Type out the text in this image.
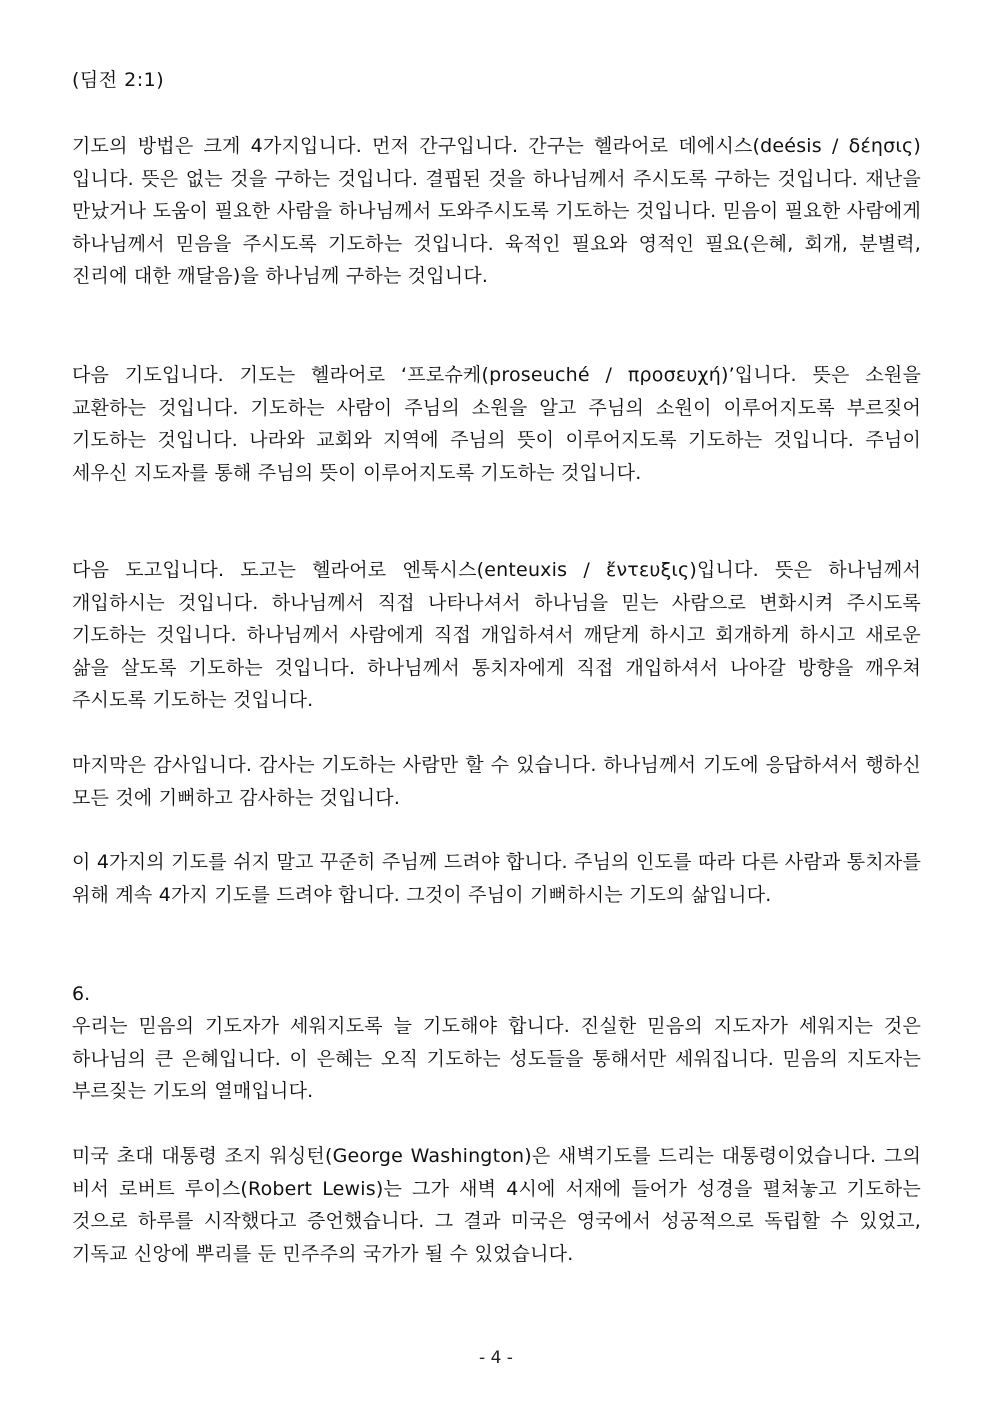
(딤전 2:1)

기도의 방법은 크게 4가지입니다. 먼저 간구입니다. 간구는 헬라어로 데에시스(deésis / δέησις)입니다. 뜻은 없는 것을 구하는 것입니다. 결핍된 것을 하나님께서 주시도록 구하는 것입니다. 재난을 만났거나 도움이 필요한 사람을 하나님께서 도와주시도록 기도하는 것입니다. 믿음이 필요한 사람에게 하나님께서 믿음을 주시도록 기도하는 것입니다. 육적인 필요와 영적인 필요(은혜, 회개, 분별력, 진리에 대한 깨달음)을 하나님께 구하는 것입니다.

다음 기도입니다. 기도는 헬라어로 ‘프로슈케(proseuché / προσευχή)’입니다. 뜻은 소원을 교환하는 것입니다. 기도하는 사람이 주님의 소원을 알고 주님의 소원이 이루어지도록 부르짖어 기도하는 것입니다. 나라와 교회와 지역에 주님의 뜻이 이루어지도록 기도하는 것입니다. 주님이 세우신 지도자를 통해 주님의 뜻이 이루어지도록 기도하는 것입니다.

다음 도고입니다. 도고는 헬라어로 엔툭시스(enteuxis / ἔντευξις)입니다. 뜻은 하나님께서 개입하시는 것입니다. 하나님께서 직접 나타나셔서 하나님을 믿는 사람으로 변화시켜 주시도록 기도하는 것입니다. 하나님께서 사람에게 직접 개입하셔서 깨닫게 하시고 회개하게 하시고 새로운 삶을 살도록 기도하는 것입니다. 하나님께서 통치자에게 직접 개입하셔서 나아갈 방향을 깨우쳐 주시도록 기도하는 것입니다.

마지막은 감사입니다. 감사는 기도하는 사람만 할 수 있습니다. 하나님께서 기도에 응답하셔서 행하신 모든 것에 기뻐하고 감사하는 것입니다.

이 4가지의 기도를 쉬지 말고 꾸준히 주님께 드려야 합니다. 주님의 인도를 따라 다른 사람과 통치자를 위해 계속 4가지 기도를 드려야 합니다. 그것이 주님이 기뻐하시는 기도의 삶입니다.

6.

우리는 믿음의 기도자가 세워지도록 늘 기도해야 합니다. 진실한 믿음의 지도자가 세워지는 것은 하나님의 큰 은혜입니다. 이 은혜는 오직 기도하는 성도들을 통해서만 세워집니다. 믿음의 지도자는 부르짖는 기도의 열매입니다.

미국 초대 대통령 조지 워싱턴(George Washington)은 새벽기도를 드리는 대통령이었습니다. 그의 비서 로버트 루이스(Robert Lewis)는 그가 새벽 4시에 서재에 들어가 성경을 펼쳐놓고 기도하는 것으로 하루를 시작했다고 증언했습니다. 그 결과 미국은 영국에서 성공적으로 독립할 수 있었고, 기독교 신앙에 뿌리를 둔 민주주의 국가가 될 수 있었습니다.

- 4 -
